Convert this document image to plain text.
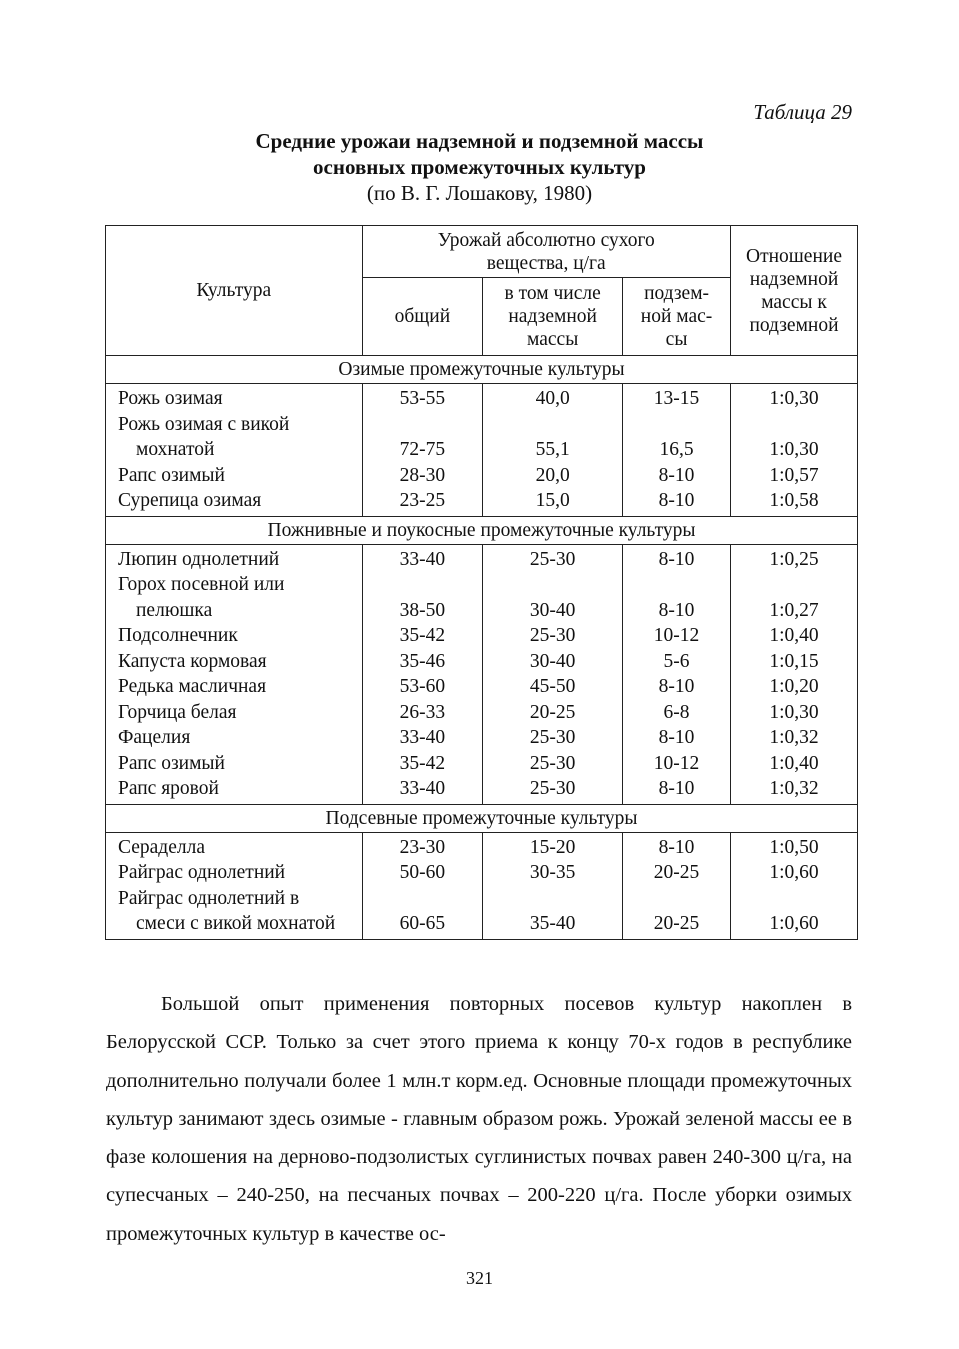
Таблица 29
Средние урожаи надземной и подземной массы
основных промежуточных культур
(по В. Г. Лошакову, 1980)
Культура	Урожай абсолютно сухого вещества, ц/га			Отношение надземной массы к подземной
	общий	в том числе надземной массы	подзем-ной мас-сы	
Озимые промежуточные культуры				

Рожь озимая	53-55	40,0	13-15	1:0,30

Рожь озимая с викой
мохнатой	72-75	55,1	16,5	1:0,30

Рапс озимый	28-30	20,0	8-10	1:0,57

Сурепица озимая	23-25	15,0	8-10	1:0,58
Пожнивные и поукосные промежуточные культуры				

Люпин однолетний	33-40	25-30	8-10	1:0,25

Горох посевной или
пелюшка	38-50	30-40	8-10	1:0,27

Подсолнечник	35-42	25-30	10-12	1:0,40

Капуста кормовая	35-46	30-40	5-6	1:0,15

Редька масличная	53-60	45-50	8-10	1:0,20

Горчица белая	26-33	20-25	6-8	1:0,30

Фацелия	33-40	25-30	8-10	1:0,32

Рапс озимый	35-42	25-30	10-12	1:0,40

Рапс яровой	33-40	25-30	8-10	1:0,32
Подсевные промежуточные культуры				

Сераделла	23-30	15-20	8-10	1:0,50

Райграс однолетний	50-60	30-35	20-25	1:0,60

Райграс однолетний в
смеси с викой мохнатой	60-65	35-40	20-25	1:0,60

Большой опыт применения повторных посевов культур накоплен в Белорусской ССР. Только за счет этого приема к концу 70-х годов в республике дополнительно получали более 1 млн.т корм.ед. Основные площади промежуточных культур занимают здесь озимые - главным образом рожь. Урожай зеленой массы ее в фазе колошения на дерново-подзолистых суглинистых почвах равен 240-300 ц/га, на супесчаных – 240-250, на песчаных почвах – 200-220 ц/га. После уборки озимых промежуточных культур в качестве ос-

321
